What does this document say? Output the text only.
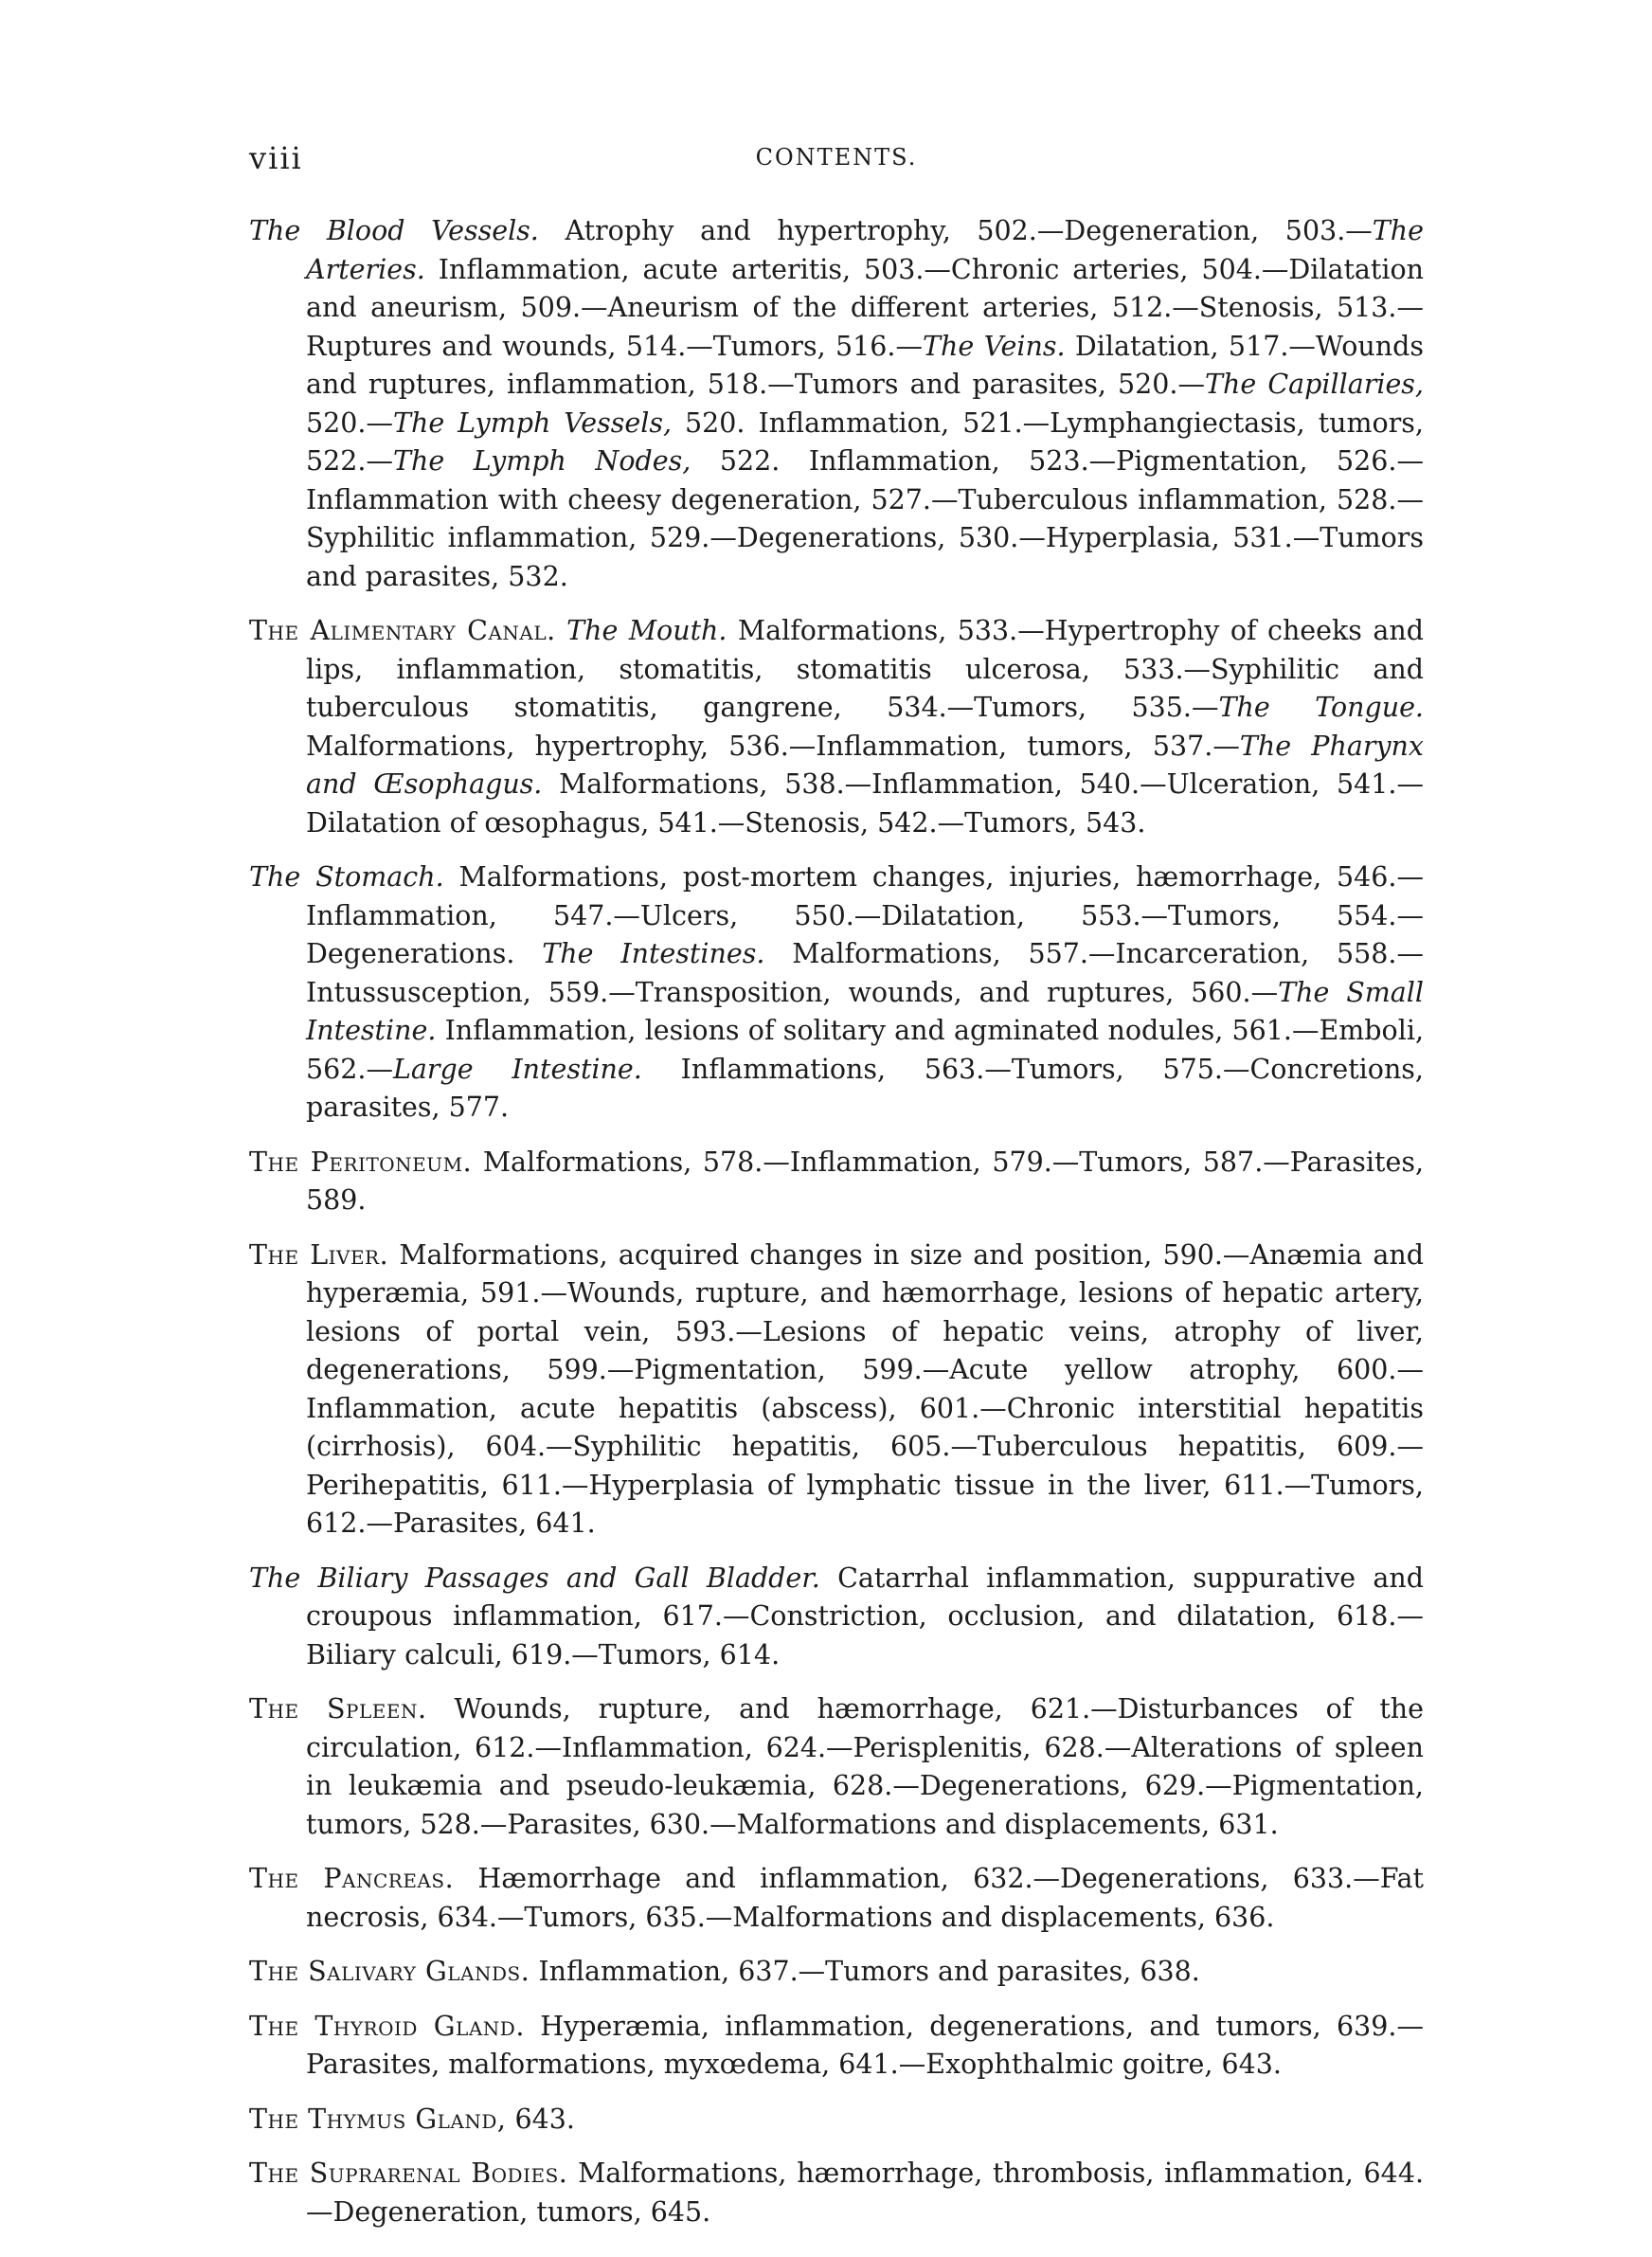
viii	CONTENTS.

The Blood Vessels. Atrophy and hypertrophy, 502.—Degeneration, 503.—The Arteries. Inflammation, acute arteritis, 503.—Chronic arteries, 504.—Dilatation and aneurism, 509.—Aneurism of the different arteries, 512.—Stenosis, 513.—Ruptures and wounds, 514.—Tumors, 516.—The Veins. Dilatation, 517.—Wounds and ruptures, inflammation, 518.—Tumors and parasites, 520.—The Capillaries, 520.—The Lymph Vessels, 520. Inflammation, 521.—Lymphangiectasis, tumors, 522.—The Lymph Nodes, 522. Inflammation, 523.—Pigmentation, 526.—Inflammation with cheesy degeneration, 527.—Tuberculous inflammation, 528.—Syphilitic inflammation, 529.—Degenerations, 530.—Hyperplasia, 531.—Tumors and parasites, 532.

The Alimentary Canal. The Mouth. Malformations, 533.—Hypertrophy of cheeks and lips, inflammation, stomatitis, stomatitis ulcerosa, 533.—Syphilitic and tuberculous stomatitis, gangrene, 534.—Tumors, 535.—The Tongue. Malformations, hypertrophy, 536.—Inflammation, tumors, 537.—The Pharynx and Œsophagus. Malformations, 538.—Inflammation, 540.—Ulceration, 541.—Dilatation of œsophagus, 541.—Stenosis, 542.—Tumors, 543.

The Stomach. Malformations, post-mortem changes, injuries, hæmorrhage, 546.—Inflammation, 547.—Ulcers, 550.—Dilatation, 553.—Tumors, 554.—Degenerations. The Intestines. Malformations, 557.—Incarceration, 558.—Intussusception, 559.—Transposition, wounds, and ruptures, 560.—The Small Intestine. Inflammation, lesions of solitary and agminated nodules, 561.—Emboli, 562.—Large Intestine. Inflammations, 563.—Tumors, 575.—Concretions, parasites, 577.

The Peritoneum. Malformations, 578.—Inflammation, 579.—Tumors, 587.—Parasites, 589.

The Liver. Malformations, acquired changes in size and position, 590.—Anæmia and hyperæmia, 591.—Wounds, rupture, and hæmorrhage, lesions of hepatic artery, lesions of portal vein, 593.—Lesions of hepatic veins, atrophy of liver, degenerations, 599.—Pigmentation, 599.—Acute yellow atrophy, 600.—Inflammation, acute hepatitis (abscess), 601.—Chronic interstitial hepatitis (cirrhosis), 604.—Syphilitic hepatitis, 605.—Tuberculous hepatitis, 609.—Perihepatitis, 611.—Hyperplasia of lymphatic tissue in the liver, 611.—Tumors, 612.—Parasites, 641.

The Biliary Passages and Gall Bladder. Catarrhal inflammation, suppurative and croupous inflammation, 617.—Constriction, occlusion, and dilatation, 618.—Biliary calculi, 619.—Tumors, 614.

The Spleen. Wounds, rupture, and hæmorrhage, 621.—Disturbances of the circulation, 612.—Inflammation, 624.—Perisplenitis, 628.—Alterations of spleen in leukæmia and pseudo-leukæmia, 628.—Degenerations, 629.—Pigmentation, tumors, 528.—Parasites, 630.—Malformations and displacements, 631.

The Pancreas. Hæmorrhage and inflammation, 632.—Degenerations, 633.—Fat necrosis, 634.—Tumors, 635.—Malformations and displacements, 636.

The Salivary Glands. Inflammation, 637.—Tumors and parasites, 638.

The Thyroid Gland. Hyperæmia, inflammation, degenerations, and tumors, 639.—Parasites, malformations, myxœdema, 641.—Exophthalmic goitre, 643.

The Thymus Gland, 643.

The Suprarenal Bodies. Malformations, hæmorrhage, thrombosis, inflammation, 644.—Degeneration, tumors, 645.
